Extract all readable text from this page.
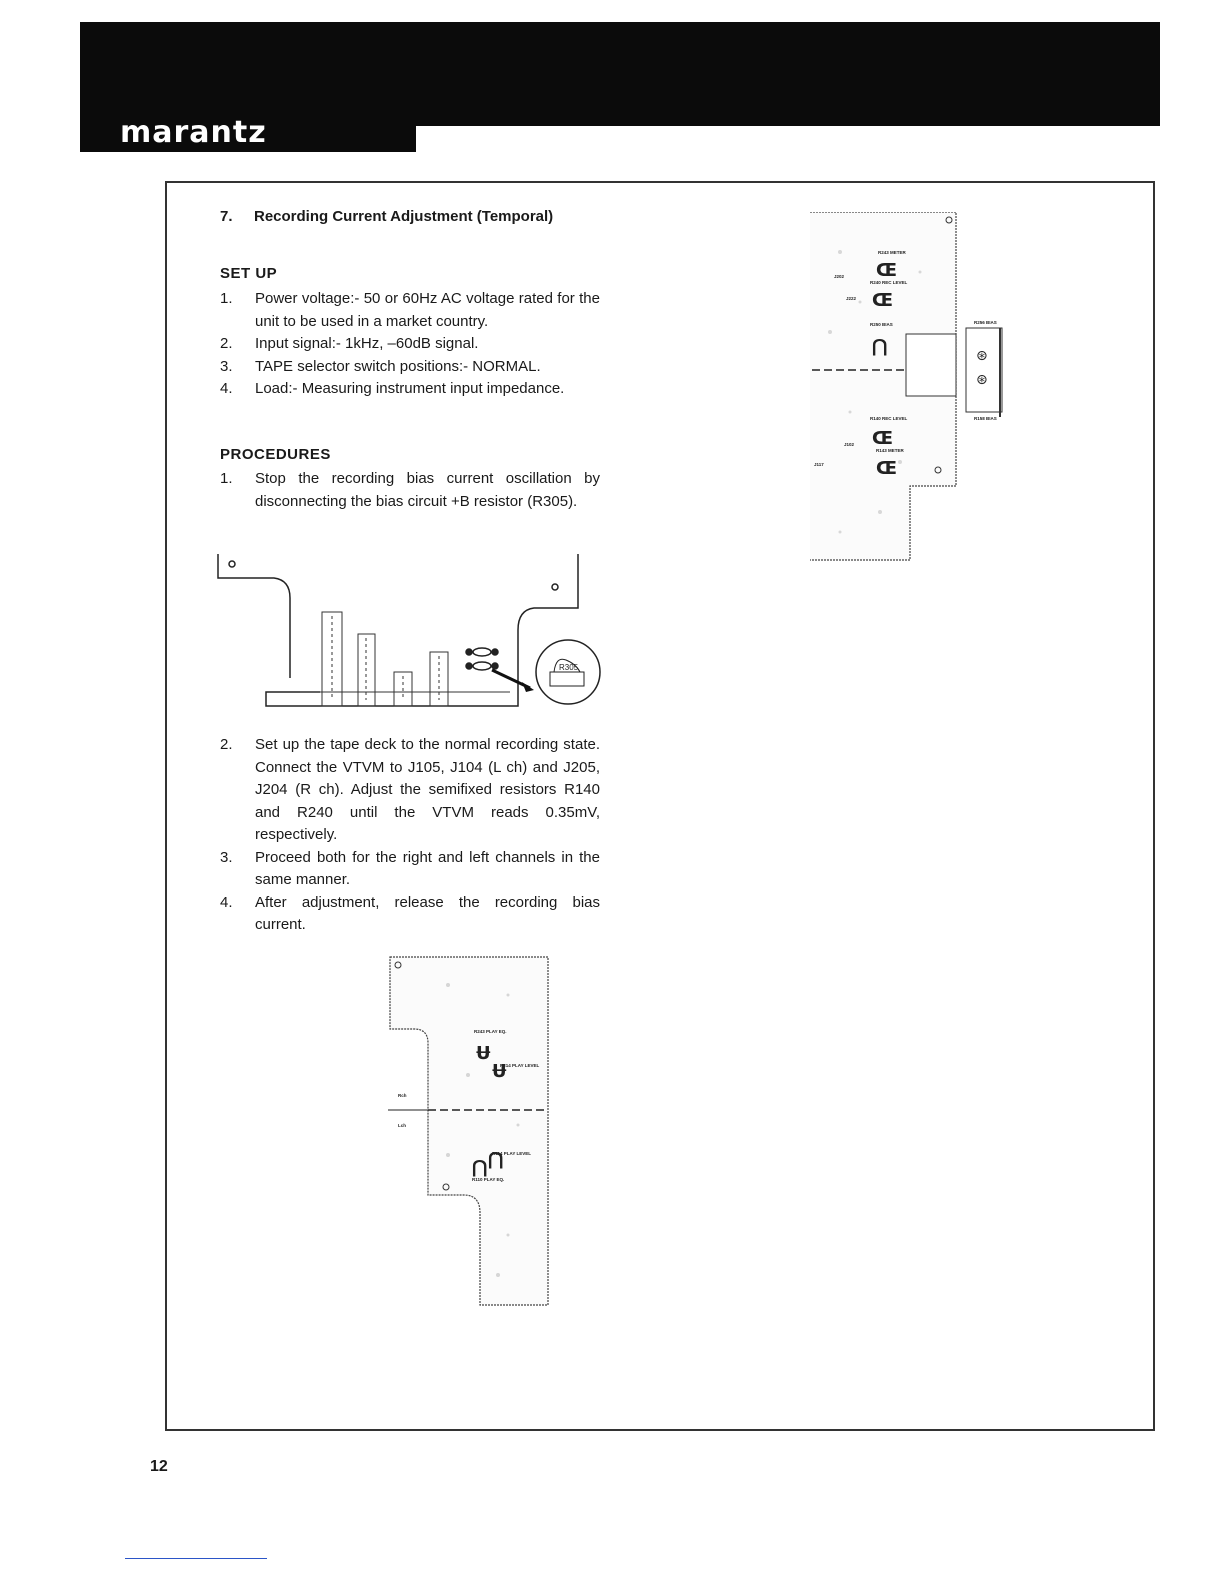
marantz
7. Recording Current Adjustment (Temporal)
SET UP
1.	Power voltage:- 50 or 60Hz AC voltage rated for the unit to be used in a market country.
2.	Input signal:- 1kHz, –60dB signal.
3.	TAPE selector switch positions:- NORMAL.
4.	Load:- Measuring instrument input impedance.
PROCEDURES
1.	Stop the recording bias current oscillation by disconnecting the bias circuit +B resistor (R305).
R305
2.	Set up the tape deck to the normal recording state. Connect the VTVM to J105, J104 (L ch) and J205, J204 (R ch). Adjust the semifixed resistors R140 and R240 until the VTVM reads 0.35mV, respectively.
3.	Proceed both for the right and left channels in the same manner.
4.	After adjustment, release the recording bias current.
R243 METER
J202
R240 REC LEVEL
J222
R250 BIAS	R256 BIAS
R140 REC LEVEL
J102
J117
R143 METER
R158 BIAS
Œ
Œ
⋂
Œ
Œ
⊛
⊛
R243 PLAY EQ.
R214 PLAY LEVEL
Rch
Lch
R114 PLAY LEVEL
R110 PLAY EQ.
Ʉ
Ʉ
⋂ ⋂
12
